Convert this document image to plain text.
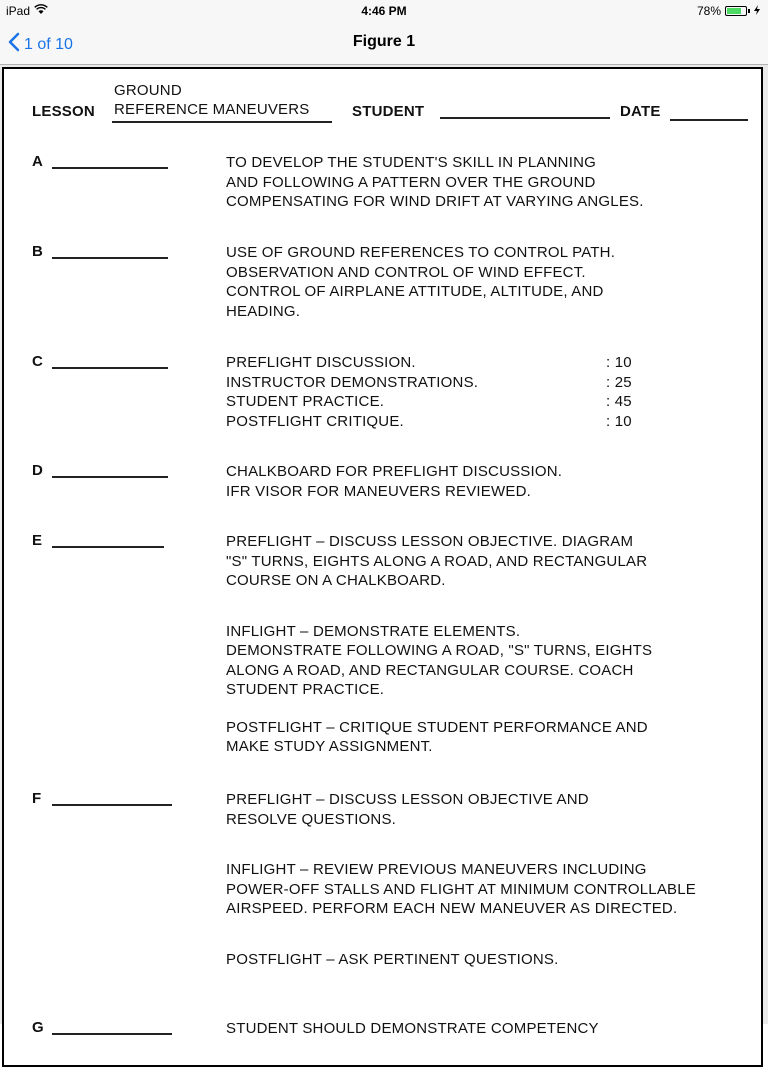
iPad	4:46 PM	78%
1 of 10	Figure 1
GROUND
LESSON REFERENCE MANEUVERS	STUDENT	DATE
A	TO DEVELOP THE STUDENT'S SKILL IN PLANNING
AND FOLLOWING A PATTERN OVER THE GROUND
COMPENSATING FOR WIND DRIFT AT VARYING ANGLES.
B	USE OF GROUND REFERENCES TO CONTROL PATH.
OBSERVATION AND CONTROL OF WIND EFFECT.
CONTROL OF AIRPLANE ATTITUDE, ALTITUDE, AND
HEADING.
C	PREFLIGHT DISCUSSION.	: 10
INSTRUCTOR DEMONSTRATIONS.	: 25
STUDENT PRACTICE.	: 45
POSTFLIGHT CRITIQUE.	: 10
D	CHALKBOARD FOR PREFLIGHT DISCUSSION.
IFR VISOR FOR MANEUVERS REVIEWED.
E	PREFLIGHT – DISCUSS LESSON OBJECTIVE. DIAGRAM
"S" TURNS, EIGHTS ALONG A ROAD, AND RECTANGULAR
COURSE ON A CHALKBOARD.
INFLIGHT – DEMONSTRATE ELEMENTS.
DEMONSTRATE FOLLOWING A ROAD, "S" TURNS, EIGHTS
ALONG A ROAD, AND RECTANGULAR COURSE. COACH
STUDENT PRACTICE.
POSTFLIGHT – CRITIQUE STUDENT PERFORMANCE AND
MAKE STUDY ASSIGNMENT.
F	PREFLIGHT – DISCUSS LESSON OBJECTIVE AND
RESOLVE QUESTIONS.
INFLIGHT – REVIEW PREVIOUS MANEUVERS INCLUDING
POWER-OFF STALLS AND FLIGHT AT MINIMUM CONTROLLABLE
AIRSPEED. PERFORM EACH NEW MANEUVER AS DIRECTED.
POSTFLIGHT – ASK PERTINENT QUESTIONS.
G	STUDENT SHOULD DEMONSTRATE COMPETENCY
